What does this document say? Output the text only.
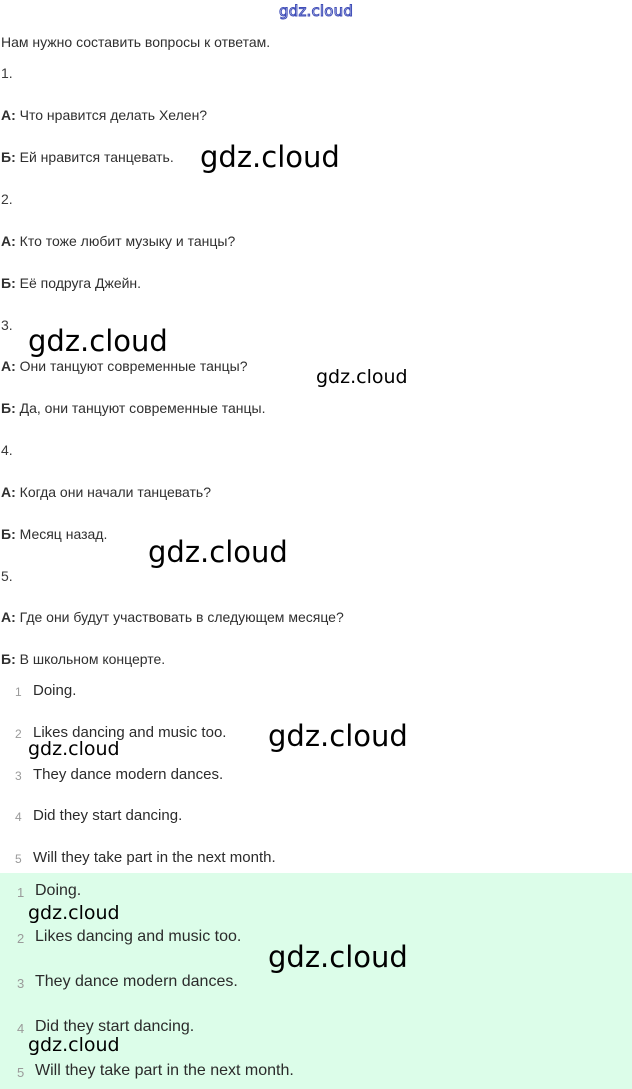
gdz.cloud
Нам нужно составить вопросы к ответам.
1.
А: Что нравится делать Хелен?
Б: Ей нравится танцевать.
2.
А: Кто тоже любит музыку и танцы?
Б: Её подруга Джейн.
3.
А: Они танцуют современные танцы?
Б: Да, они танцуют современные танцы.
4.
А: Когда они начали танцевать?
Б: Месяц назад.
5.
А: Где они будут участвовать в следующем месяце?
Б: В школьном концерте.
1 Doing.
2 Likes dancing and music too.
3 They dance modern dances.
4 Did they start dancing.
5 Will they take part in the next month.
1 Doing.
2 Likes dancing and music too.
3 They dance modern dances.
4 Did they start dancing.
5 Will they take part in the next month.
gdz.cloud
gdz.cloud
gdz.cloud
gdz.cloud
gdz.cloud
gdz.cloud
gdz.cloud
gdz.cloud
gdz.cloud
